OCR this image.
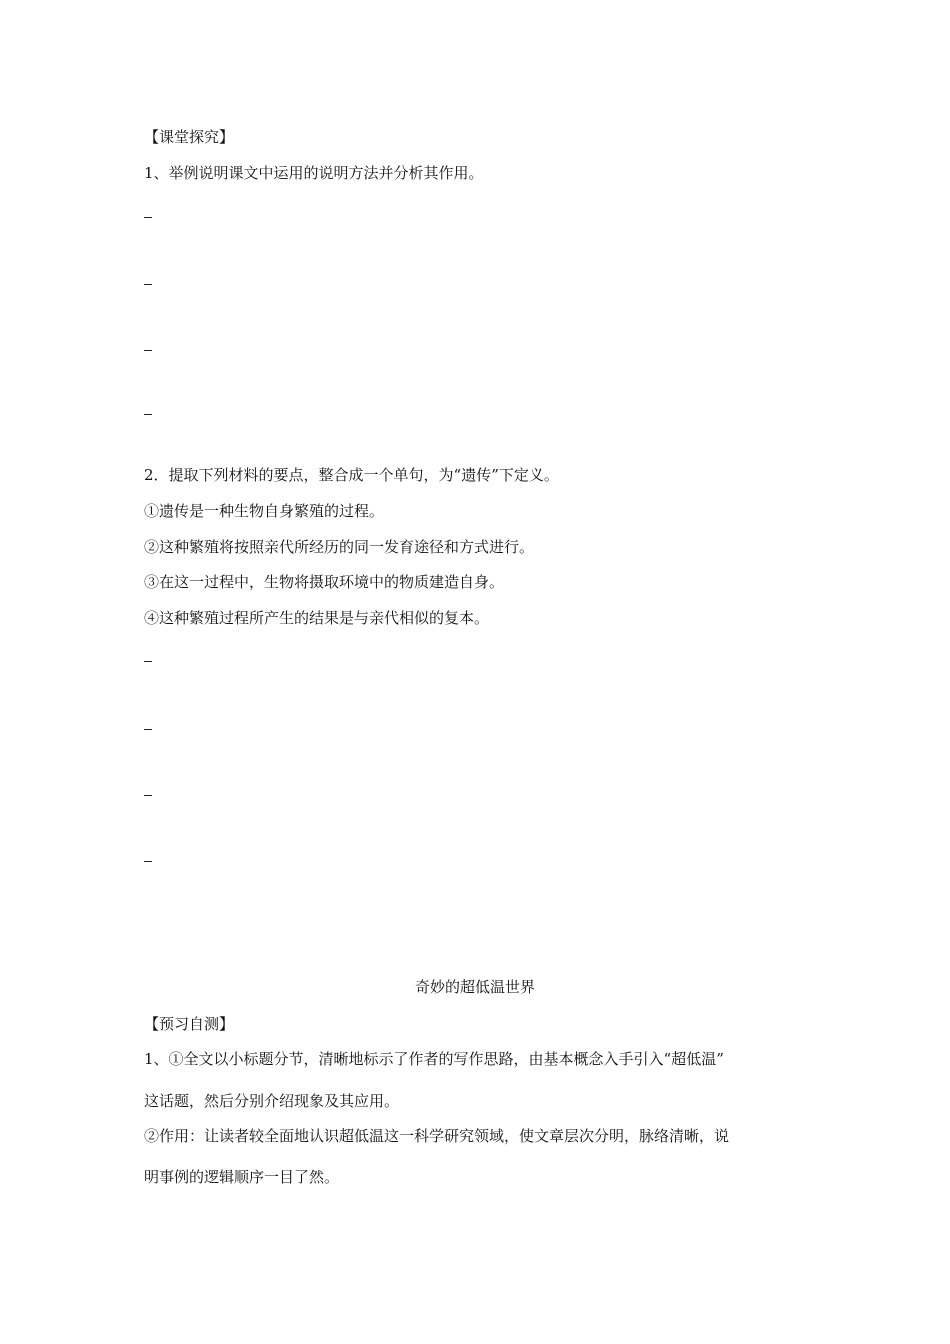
【课堂探究】
1、举例说明课文中运用的说明方法并分析其作用。
2．提取下列材料的要点，整合成一个单句，为“遗传”下定义。
①遗传是一种生物自身繁殖的过程。
②这种繁殖将按照亲代所经历的同一发育途径和方式进行。
③在这一过程中，生物将摄取环境中的物质建造自身。
④这种繁殖过程所产生的结果是与亲代相似的复本。
奇妙的超低温世界
【预习自测】
1、①全文以小标题分节，清晰地标示了作者的写作思路，由基本概念入手引入“超低温”
这话题，然后分别介绍现象及其应用。
②作用：让读者较全面地认识超低温这一科学研究领域，使文章层次分明，脉络清晰，说
明事例的逻辑顺序一目了然。
